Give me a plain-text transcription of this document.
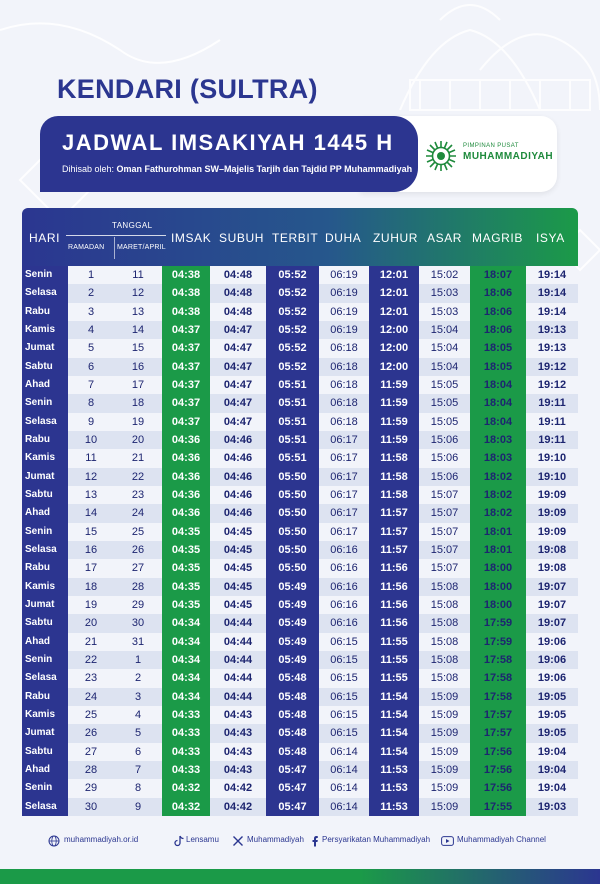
KENDARI (SULTRA)
JADWAL IMSAKIYAH 1445 H
Dihisab oleh: Oman Fathurohman SW–Majelis Tarjih dan Tajdid PP Muhammadiyah
PIMPINAN PUSAT
MUHAMMADIYAH
HARI
TANGGAL
RAMADAN MARET/APRIL
IMSAK SUBUH TERBIT DUHA ZUHUR ASAR MAGRIB ISYA
Senin	1	11	04:38	04:48	05:52	06:19	12:01	15:02	18:07	19:14
Selasa	2	12	04:38	04:48	05:52	06:19	12:01	15:03	18:06	19:14
Rabu	3	13	04:38	04:48	05:52	06:19	12:01	15:03	18:06	19:14
Kamis	4	14	04:37	04:47	05:52	06:19	12:00	15:04	18:06	19:13
Jumat	5	15	04:37	04:47	05:52	06:18	12:00	15:04	18:05	19:13
Sabtu	6	16	04:37	04:47	05:52	06:18	12:00	15:04	18:05	19:12
Ahad	7	17	04:37	04:47	05:51	06:18	11:59	15:05	18:04	19:12
Senin	8	18	04:37	04:47	05:51	06:18	11:59	15:05	18:04	19:11
Selasa	9	19	04:37	04:47	05:51	06:18	11:59	15:05	18:04	19:11
Rabu	10	20	04:36	04:46	05:51	06:17	11:59	15:06	18:03	19:11
Kamis	11	21	04:36	04:46	05:51	06:17	11:58	15:06	18:03	19:10
Jumat	12	22	04:36	04:46	05:50	06:17	11:58	15:06	18:02	19:10
Sabtu	13	23	04:36	04:46	05:50	06:17	11:58	15:07	18:02	19:09
Ahad	14	24	04:36	04:46	05:50	06:17	11:57	15:07	18:02	19:09
Senin	15	25	04:35	04:45	05:50	06:17	11:57	15:07	18:01	19:09
Selasa	16	26	04:35	04:45	05:50	06:16	11:57	15:07	18:01	19:08
Rabu	17	27	04:35	04:45	05:50	06:16	11:56	15:07	18:00	19:08
Kamis	18	28	04:35	04:45	05:49	06:16	11:56	15:08	18:00	19:07
Jumat	19	29	04:35	04:45	05:49	06:16	11:56	15:08	18:00	19:07
Sabtu	20	30	04:34	04:44	05:49	06:16	11:56	15:08	17:59	19:07
Ahad	21	31	04:34	04:44	05:49	06:15	11:55	15:08	17:59	19:06
Senin	22	1	04:34	04:44	05:49	06:15	11:55	15:08	17:58	19:06
Selasa	23	2	04:34	04:44	05:48	06:15	11:55	15:08	17:58	19:06
Rabu	24	3	04:34	04:44	05:48	06:15	11:54	15:09	17:58	19:05
Kamis	25	4	04:33	04:43	05:48	06:15	11:54	15:09	17:57	19:05
Jumat	26	5	04:33	04:43	05:48	06:15	11:54	15:09	17:57	19:05
Sabtu	27	6	04:33	04:43	05:48	06:14	11:54	15:09	17:56	19:04
Ahad	28	7	04:33	04:43	05:47	06:14	11:53	15:09	17:56	19:04
Senin	29	8	04:32	04:42	05:47	06:14	11:53	15:09	17:56	19:04
Selasa	30	9	04:32	04:42	05:47	06:14	11:53	15:09	17:55	19:03
muhammadiyah.or.id	Lensamu	Muhammadiyah Persyarikatan Muhammadiyah	Muhammadiyah Channel
